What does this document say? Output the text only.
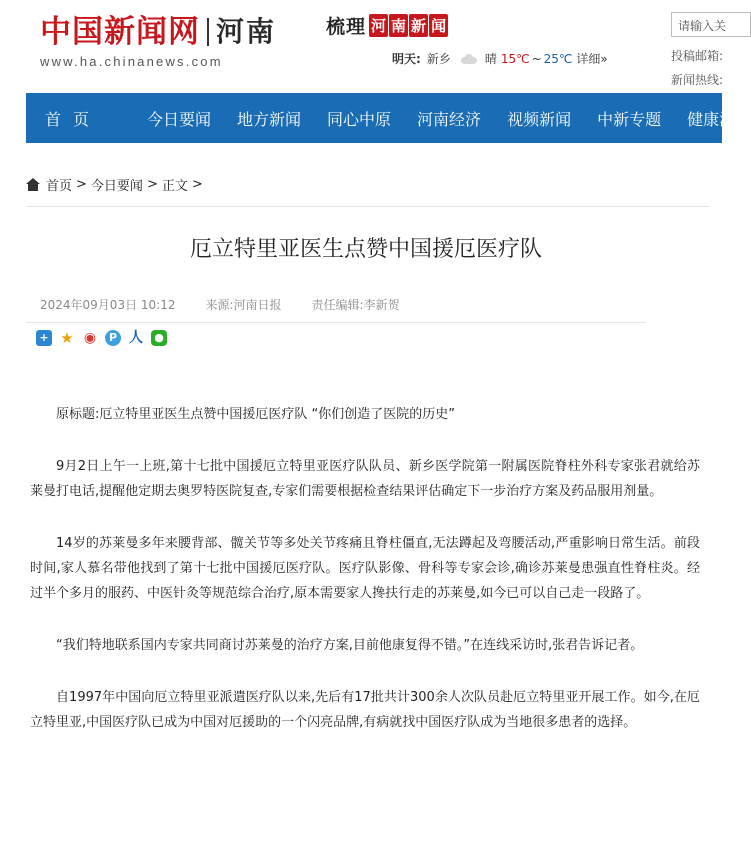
中国新闻网 河南
www.ha.chinanews.com
梳理 河 南 新 闻
明天: 新乡	晴 15℃ ~ 25℃ 详细»
请输入关
投稿邮箱:
新闻热线:
首页	今日要闻 地方新闻 同心中原 河南经济 视频新闻 中新专题 健康河南
首页 > 今日要闻 > 正文 >
厄立特里亚医生点赞中国援厄医疗队
2024年09月03日 10:12	来源:河南日报	责任编辑:李新贺
+ ★ ◉	P 人 ●

原标题:厄立特里亚医生点赞中国援厄医疗队 “你们创造了医院的历史”

9月2日上午一上班,第十七批中国援厄立特里亚医疗队队员、新乡医学院第一附属医院脊柱外科专家张君就给苏莱曼打电话,提醒他定期去奥罗特医院复查,专家们需要根据检查结果评估确定下一步治疗方案及药品服用剂量。

14岁的苏莱曼多年来腰背部、髋关节等多处关节疼痛且脊柱僵直,无法蹲起及弯腰活动,严重影响日常生活。前段时间,家人慕名带他找到了第十七批中国援厄医疗队。医疗队影像、骨科等专家会诊,确诊苏莱曼患强直性脊柱炎。经过半个多月的服药、中医针灸等规范综合治疗,原本需要家人搀扶行走的苏莱曼,如今已可以自己走一段路了。

“我们特地联系国内专家共同商讨苏莱曼的治疗方案,目前他康复得不错。”在连线采访时,张君告诉记者。

自1997年中国向厄立特里亚派遣医疗队以来,先后有17批共计300余人次队员赴厄立特里亚开展工作。如今,在厄立特里亚,中国医疗队已成为中国对厄援助的一个闪亮品牌,有病就找中国医疗队成为当地很多患者的选择。
